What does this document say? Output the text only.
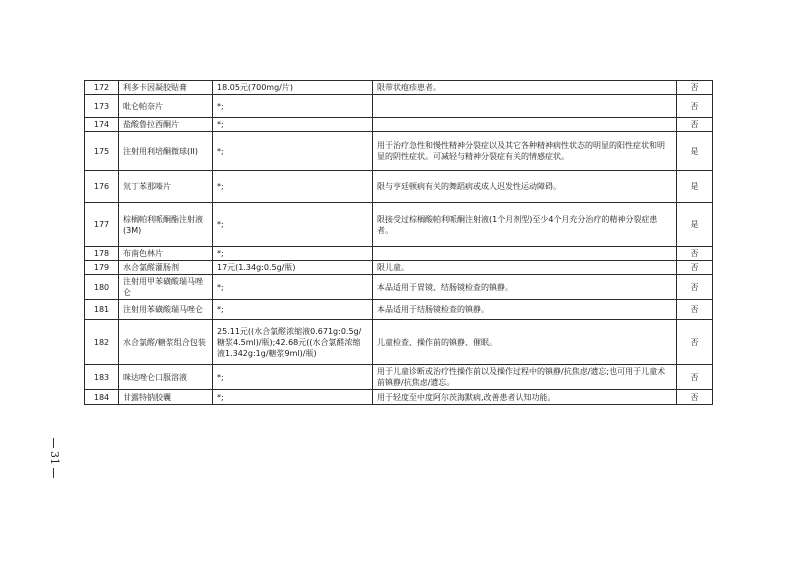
172	利多卡因凝胶贴膏	18.05元(700mg/片)	限带状疱疹患者。	否
173	吡仑帕奈片	*;		否
174	盐酸鲁拉西酮片	*;		否
175	注射用利培酮微球(II)	*;	用于治疗急性和慢性精神分裂症以及其它各种精神病性状态的明显的阳性症状和明显的阴性症状。可减轻与精神分裂症有关的情感症状。	是
176	氘丁苯那嗪片	*;	限与亨廷顿病有关的舞蹈病或成人迟发性运动障碍。	是
177	棕榈帕利哌酮酯注射液(3M)	*;	限接受过棕榈酸帕利哌酮注射液(1个月剂型)至少4个月充分治疗的精神分裂症患者。	是
178	布南色林片	*;		否
179	水合氯醛灌肠剂	17元(1.34g:0.5g/瓶)	限儿童。	否
180	注射用甲苯磺酸瑞马唑仑	*;	本品适用于胃镜、结肠镜检查的镇静。	否
181	注射用苯磺酸瑞马唑仑	*;	本品适用于结肠镜检查的镇静。	否
182	水合氯醛/糖浆组合包装	25.11元((水合氯醛浓缩液0.671g:0.5g/糖浆4.5ml)/瓶);42.68元((水合氯醛浓缩液1.342g:1g/糖浆9ml)/瓶)	儿童检查、操作前的镇静、催眠。	否
183	咪达唑仑口服溶液	*;	用于儿童诊断或治疗性操作前以及操作过程中的镇静/抗焦虑/遗忘;也可用于儿童术前镇静/抗焦虑/遗忘。	否
184	甘露特钠胶囊	*;	用于轻度至中度阿尔茨海默病,改善患者认知功能。	否
31
